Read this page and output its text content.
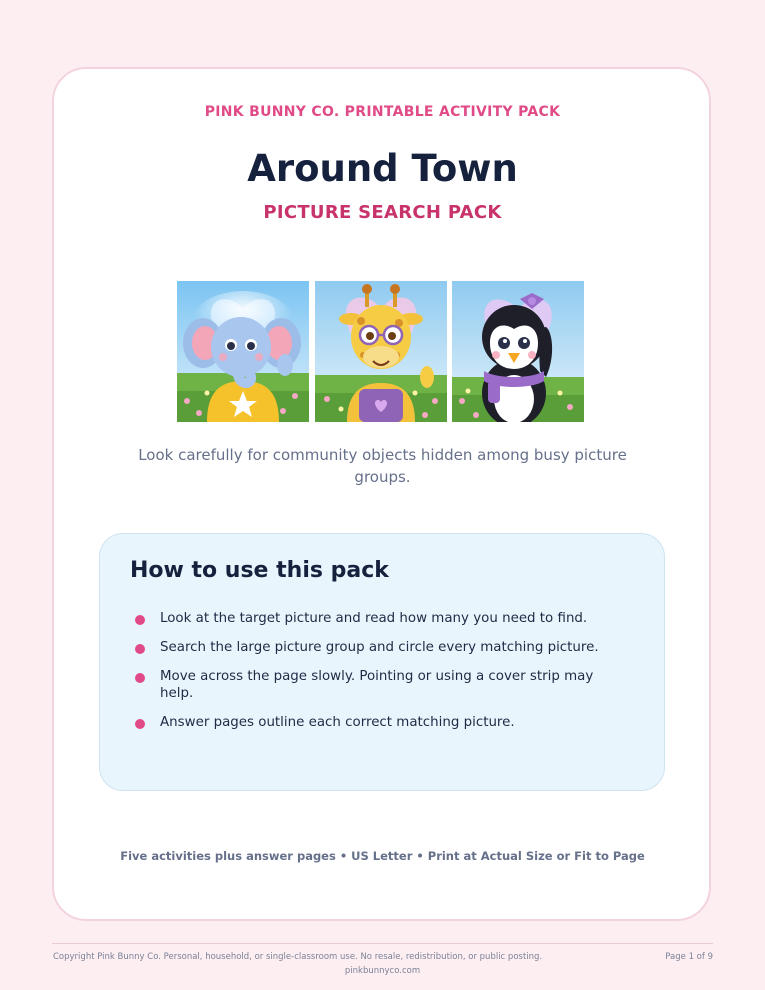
PINK BUNNY CO. PRINTABLE ACTIVITY PACK
Around Town
PICTURE SEARCH PACK
Look carefully for community objects hidden among busy picture groups.
How to use this pack
Look at the target picture and read how many you need to find.
Search the large picture group and circle every matching picture.
Move across the page slowly. Pointing or using a cover strip may help.
Answer pages outline each correct matching picture.
Five activities plus answer pages • US Letter • Print at Actual Size or Fit to Page
Copyright Pink Bunny Co. Personal, household, or single-classroom use. No resale, redistribution, or public posting.	Page 1 of 9
pinkbunnyco.com
